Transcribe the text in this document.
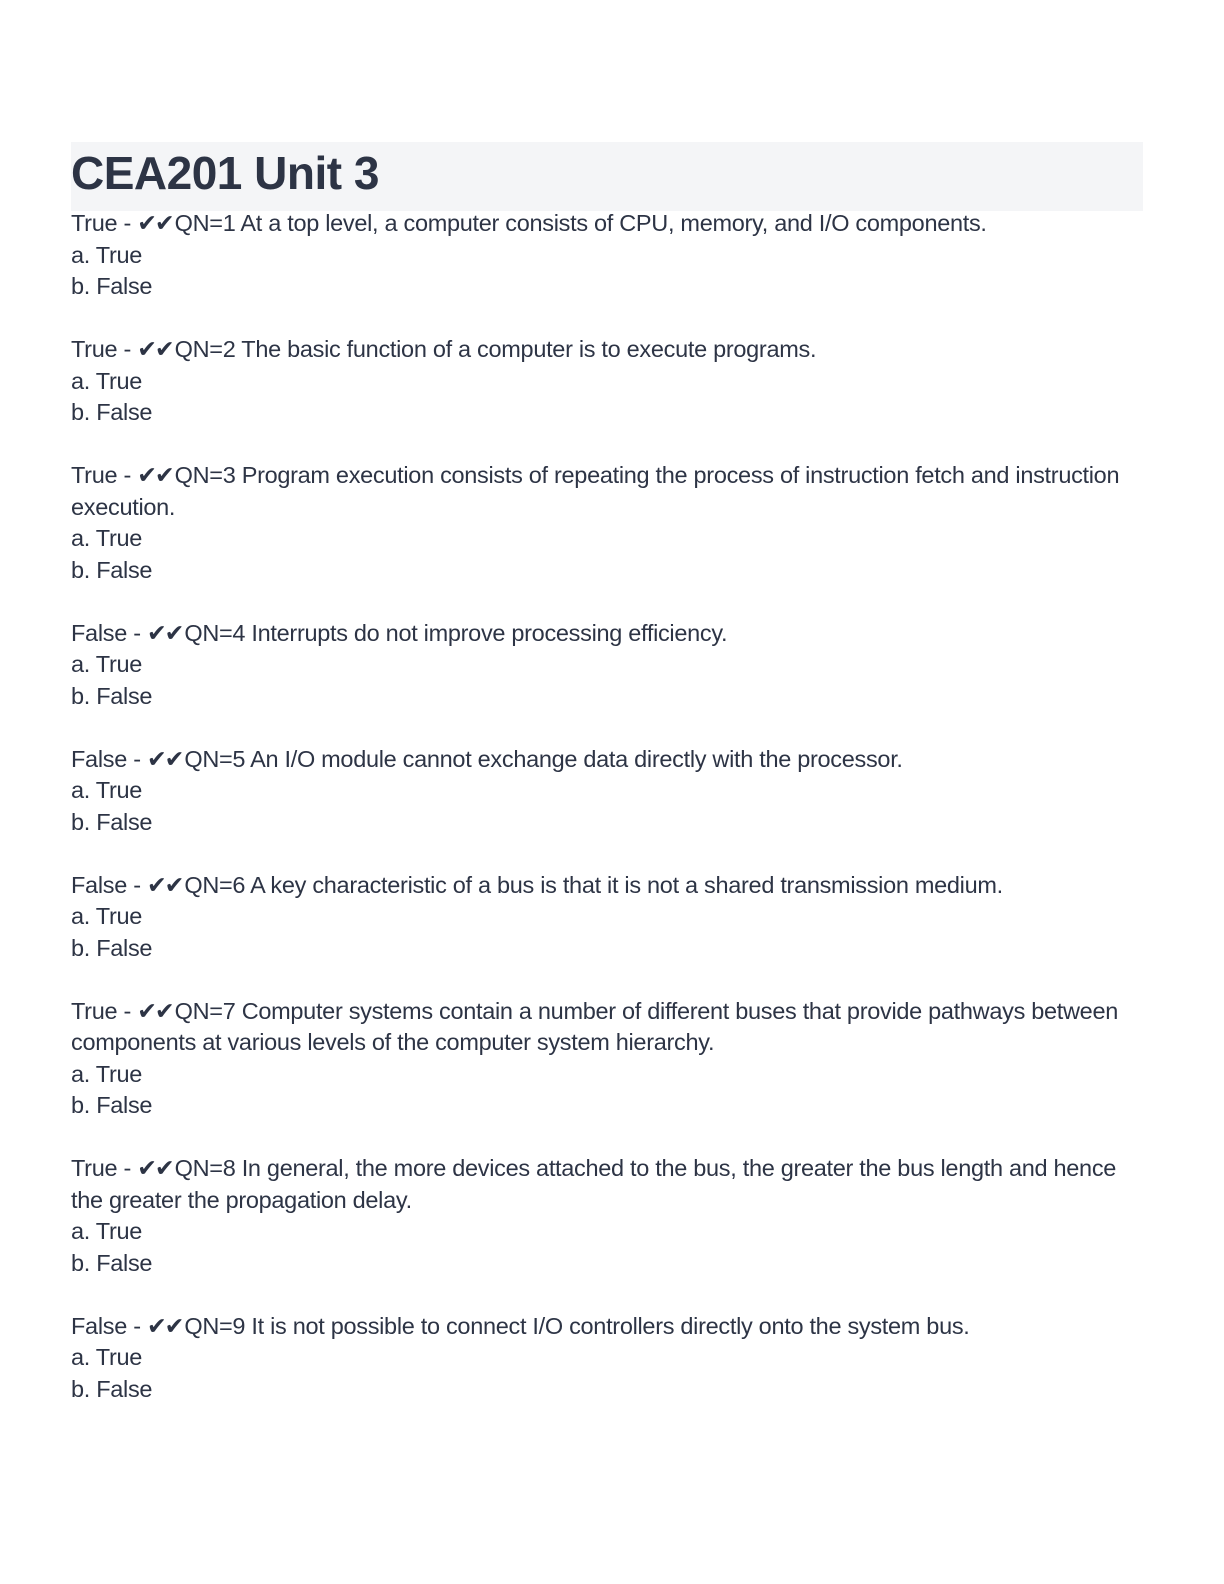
CEA201 Unit 3
True - ✔✔QN=1 At a top level, a computer consists of CPU, memory, and I/O components.
a. True
b. False
True - ✔✔QN=2 The basic function of a computer is to execute programs.
a. True
b. False
True - ✔✔QN=3 Program execution consists of repeating the process of instruction fetch and instruction execution.
a. True
b. False
False - ✔✔QN=4 Interrupts do not improve processing efficiency.
a. True
b. False
False - ✔✔QN=5 An I/O module cannot exchange data directly with the processor.
a. True
b. False
False - ✔✔QN=6 A key characteristic of a bus is that it is not a shared transmission medium.
a. True
b. False
True - ✔✔QN=7 Computer systems contain a number of different buses that provide pathways between components at various levels of the computer system hierarchy.
a. True
b. False
True - ✔✔QN=8 In general, the more devices attached to the bus, the greater the bus length and hence the greater the propagation delay.
a. True
b. False
False - ✔✔QN=9 It is not possible to connect I/O controllers directly onto the system bus.
a. True
b. False
